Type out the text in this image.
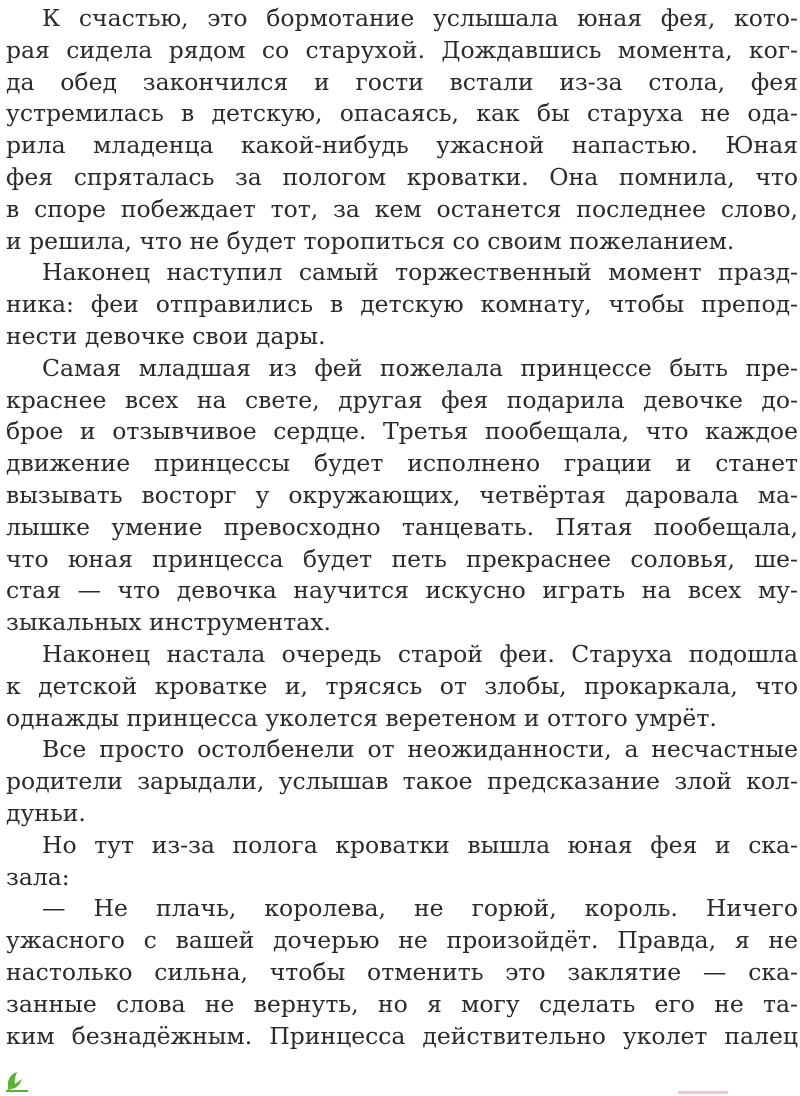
К счастью, это бормотание услышала юная фея, кото-
рая сидела рядом со старухой. Дождавшись момента, ког-
да обед закончился и гости встали из-за стола, фея
устремилась в детскую, опасаясь, как бы старуха не ода-
рила младенца какой-нибудь ужасной напастью. Юная
фея спряталась за пологом кроватки. Она помнила, что
в споре побеждает тот, за кем останется последнее слово,
и решила, что не будет торопиться со своим пожеланием.
Наконец наступил самый торжественный момент празд-
ника: феи отправились в детскую комнату, чтобы препод-
нести девочке свои дары.
Самая младшая из фей пожелала принцессе быть пре-
краснее всех на свете, другая фея подарила девочке до-
брое и отзывчивое сердце. Третья пообещала, что каждое
движение принцессы будет исполнено грации и станет
вызывать восторг у окружающих, четвёртая даровала ма-
лышке умение превосходно танцевать. Пятая пообещала,
что юная принцесса будет петь прекраснее соловья, ше-
стая — что девочка научится искусно играть на всех му-
зыкальных инструментах.
Наконец настала очередь старой феи. Старуха подошла
к детской кроватке и, трясясь от злобы, прокаркала, что
однажды принцесса уколется веретеном и оттого умрёт.
Все просто остолбенели от неожиданности, а несчастные
родители зарыдали, услышав такое предсказание злой кол-
дуньи.
Но тут из-за полога кроватки вышла юная фея и ска-
зала:
— Не плачь, королева, не горюй, король. Ничего
ужасного с вашей дочерью не произойдёт. Правда, я не
настолько сильна, чтобы отменить это заклятие — ска-
занные слова не вернуть, но я могу сделать его не та-
ким безнадёжным. Принцесса действительно уколет палец
